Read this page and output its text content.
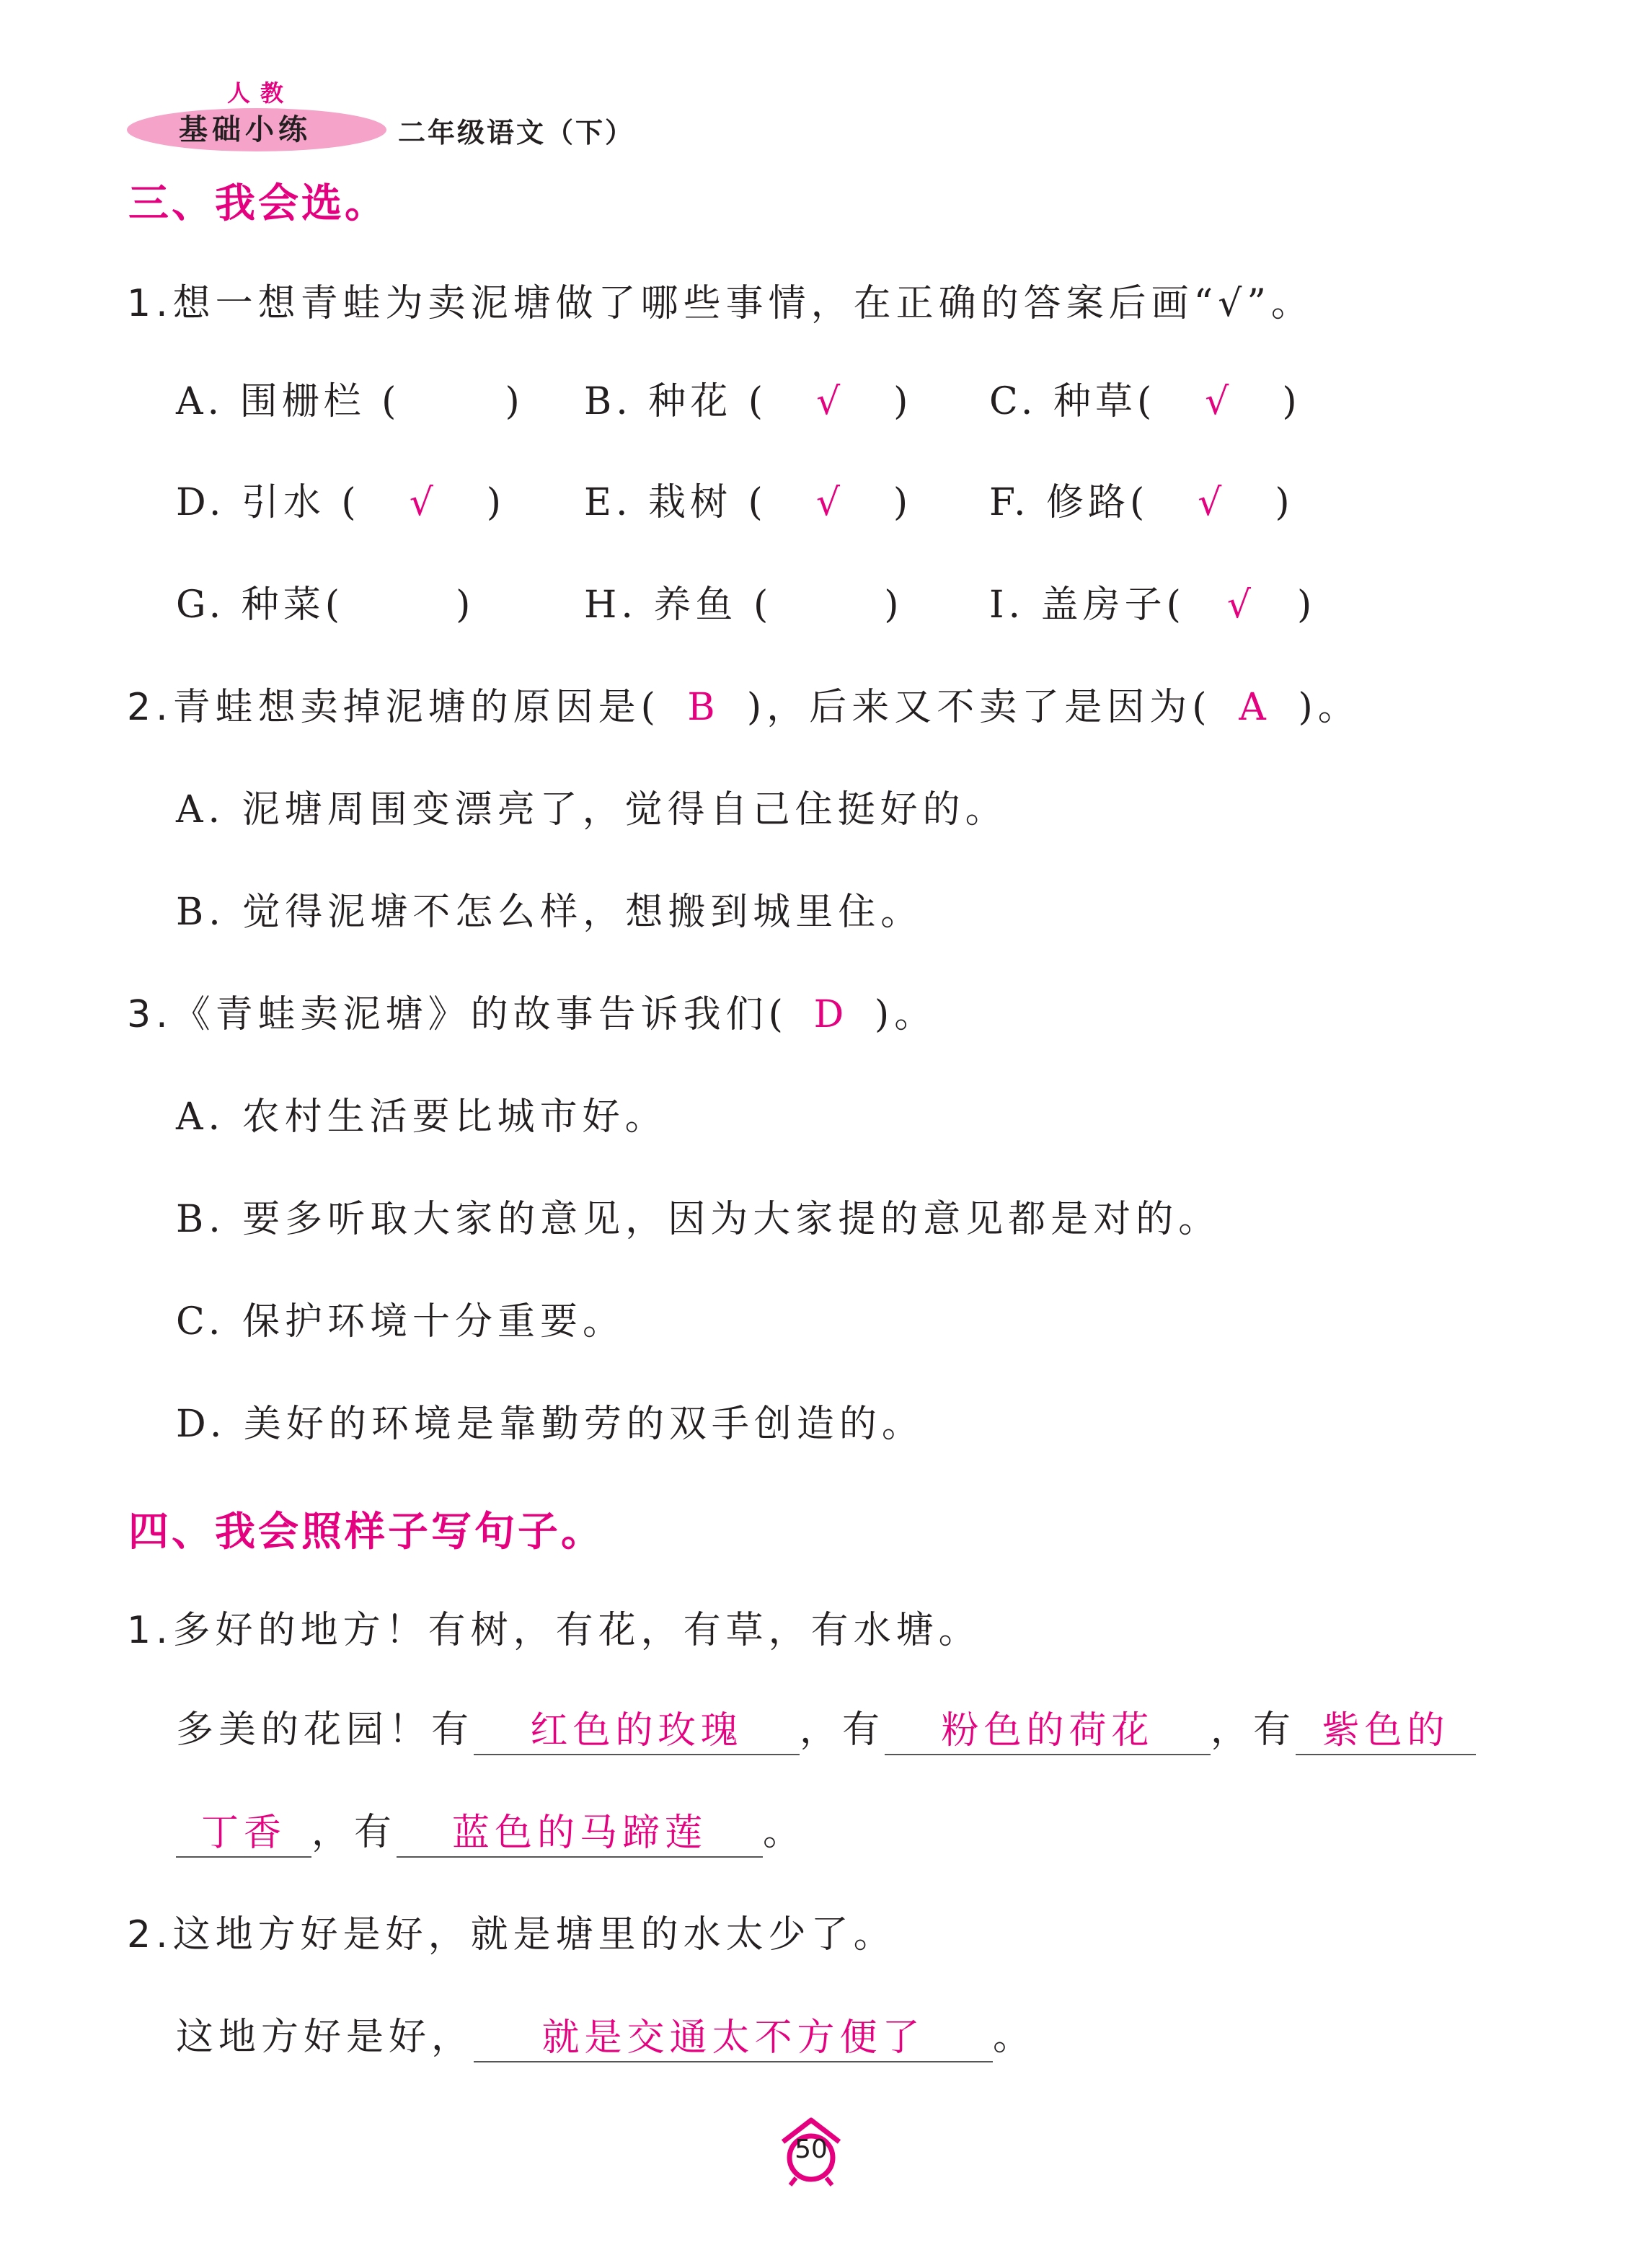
人教
基础小练	二年级语文（下）
三、我会选。
1.想一想青蛙为卖泥塘做了哪些事情，在正确的答案后画“√”。
A. 围栅栏 (  ) B. 种花 ( √ ) C. 种草( √ )
D. 引水 ( √ ) E. 栽树 ( √ ) F. 修路( √ )
G. 种菜(  )	H. 养鱼 (  ) I. 盖房子( √ )
2.青蛙想卖掉泥塘的原因是( B )，后来又不卖了是因为( A )。
A. 泥塘周围变漂亮了，觉得自己住挺好的。
B. 觉得泥塘不怎么样，想搬到城里住。
3.《青蛙卖泥塘》的故事告诉我们( D )。
A. 农村生活要比城市好。
B. 要多听取大家的意见，因为大家提的意见都是对的。
C. 保护环境十分重要。
D. 美好的环境是靠勤劳的双手创造的。
四、我会照样子写句子。
1.多好的地方！有树，有花，有草，有水塘。
多美的花园！有 红色的玫瑰 ，有 粉色的荷花 ，有 紫色的
丁香 ，有 蓝色的马蹄莲 。
2.这地方好是好，就是塘里的水太少了。
这地方好是好， 就是交通太不方便了 。
50
